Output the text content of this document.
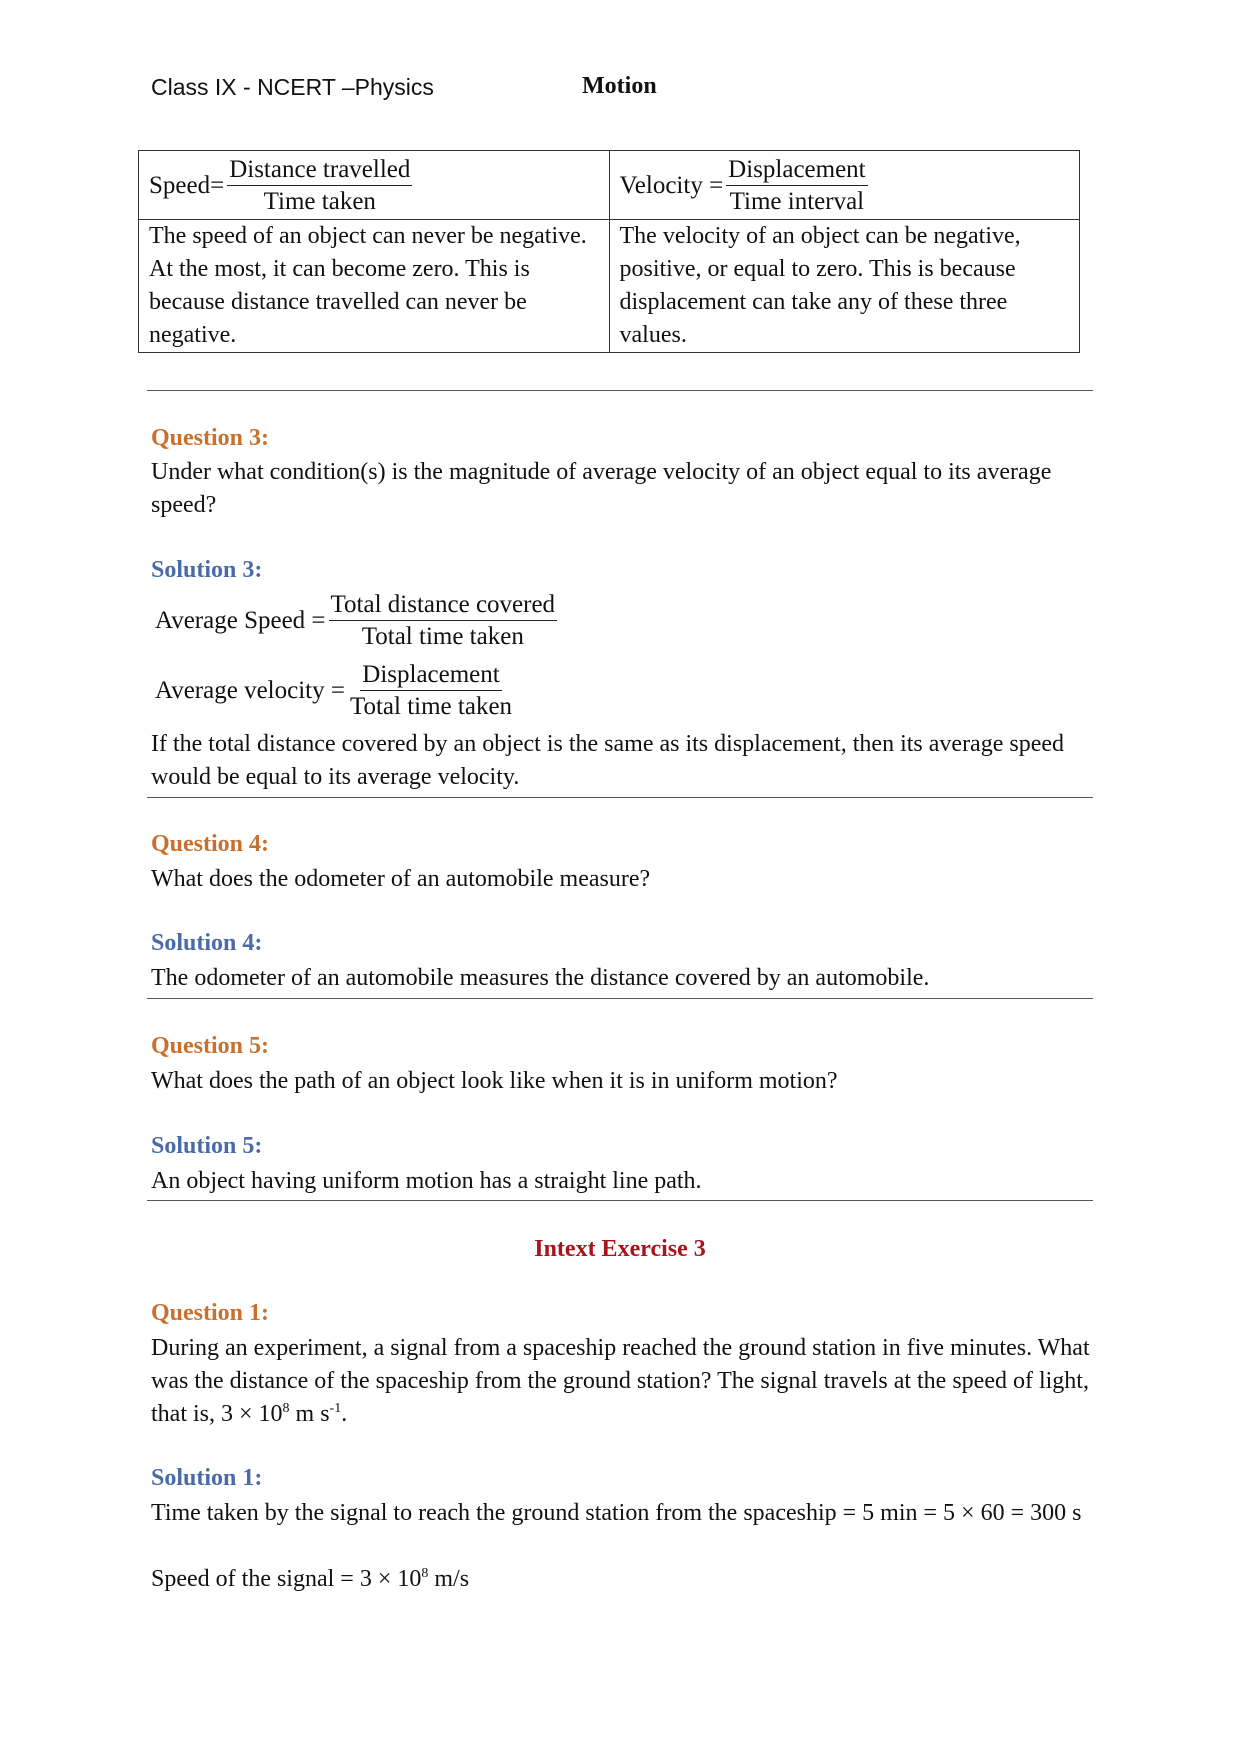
Class IX - NCERT –Physics	Motion
Speed= $\frac{\text{Distance travelled}}{\text{Time taken}}$	Velocity = $\frac{\text{Displacement}}{\text{Time interval}}$

The speed of an object can never be negative. At the most, it can become zero. This is because distance travelled can never be negative.	The velocity of an object can be negative, positive, or equal to zero. This is because displacement can take any of these three values.
Question 3:
Under what condition(s) is the magnitude of average velocity of an object equal to its average speed?
Solution 3:
Average Speed = $\frac{\text{Total distance covered}}{\text{Total time taken}}$
Average velocity = $\frac{\text{Displacement}}{\text{Total time taken}}$
If the total distance covered by an object is the same as its displacement, then its average speed would be equal to its average velocity.
Question 4:
What does the odometer of an automobile measure?
Solution 4:
The odometer of an automobile measures the distance covered by an automobile.
Question 5:
What does the path of an object look like when it is in uniform motion?
Solution 5:
An object having uniform motion has a straight line path.
Intext Exercise 3
Question 1:
During an experiment, a signal from a spaceship reached the ground station in five minutes. What was the distance of the spaceship from the ground station? The signal travels at the speed of light, that is, $3 \times 10^8$ m $s^{-1}$.
Solution 1:
Time taken by the signal to reach the ground station from the spaceship = 5 min = 5 × 60 = 300 s
Speed of the signal = $3 \times 10^8$ m/s
